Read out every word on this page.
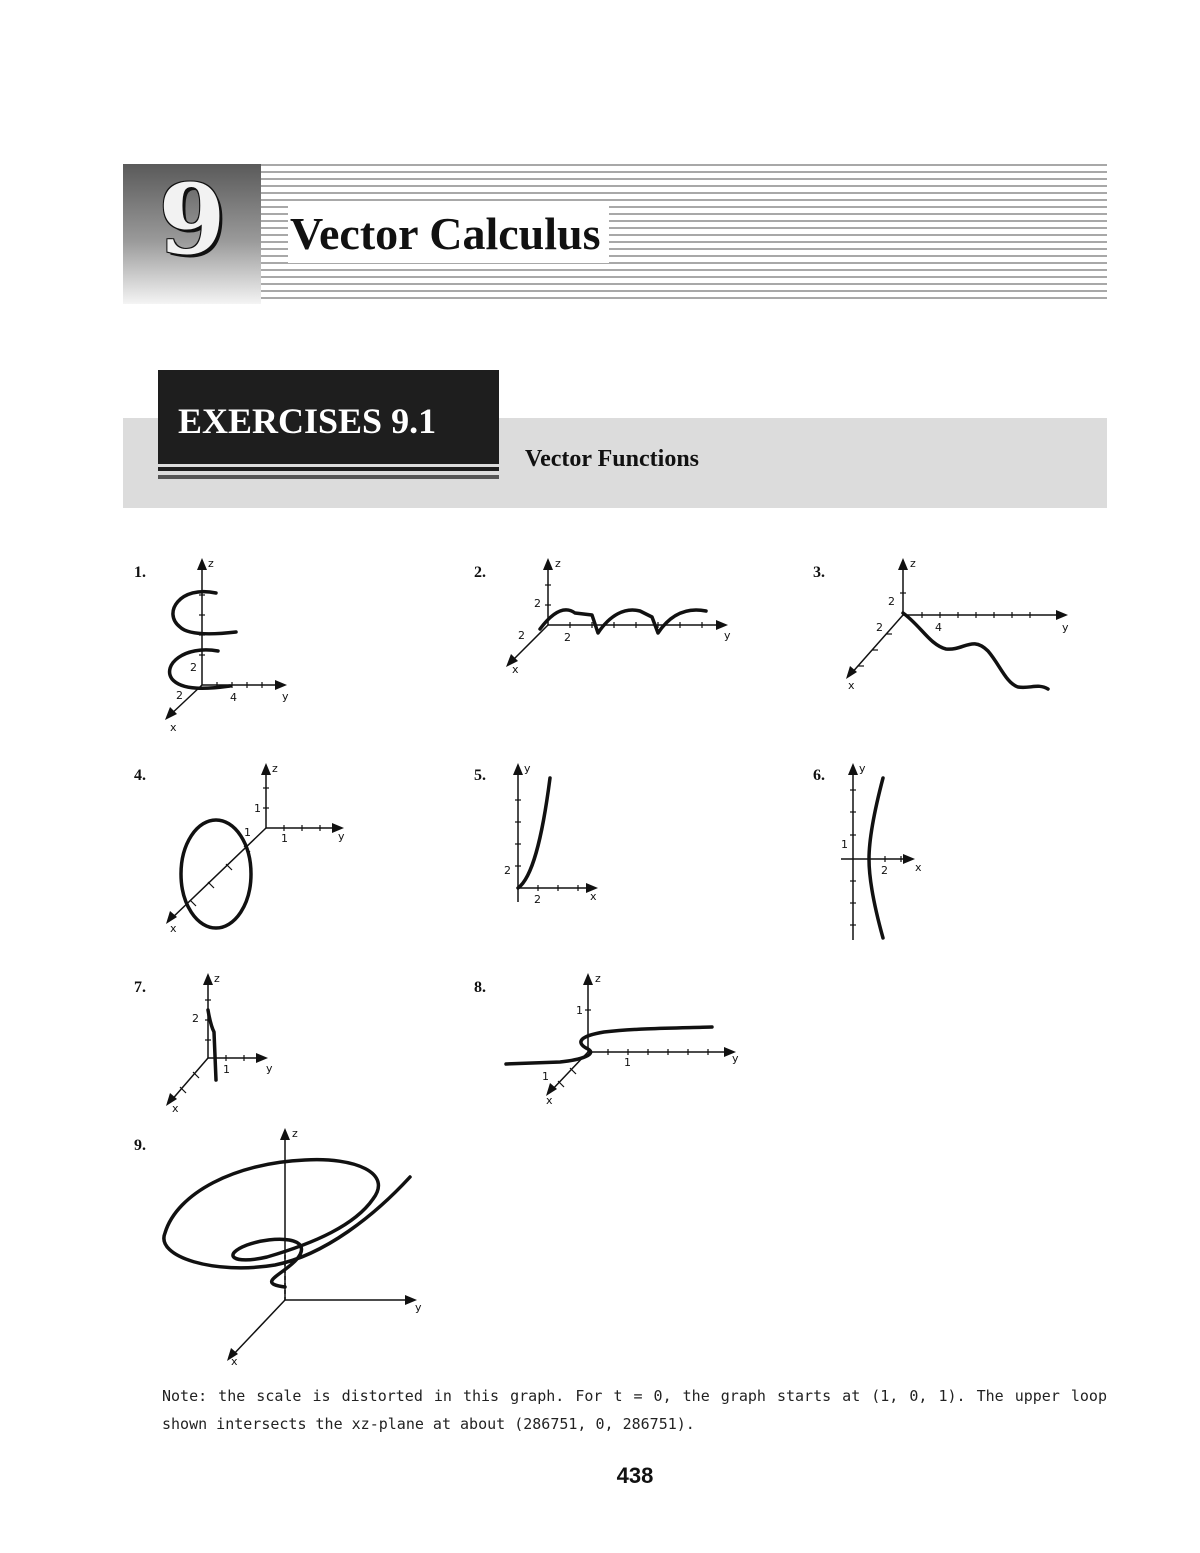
9	Vector Calculus
EXERCISES 9.1
Vector Functions
1.	2.	3.
4.	5.	6.
7.	8.
9.
z
y
x
2
2	4
z
y
x
2
2	2
z
y
x
2
2	4
z
y
x
1
1	1
y
x
2
2
y
x
1
2
z
y
x
2
1
z
y
x
1
1
1
z
y
x

Note: the scale is distorted in this graph. For t = 0, the graph starts at (1, 0, 1). The upper loop shown intersects the xz-plane at about (286751, 0, 286751).

438
